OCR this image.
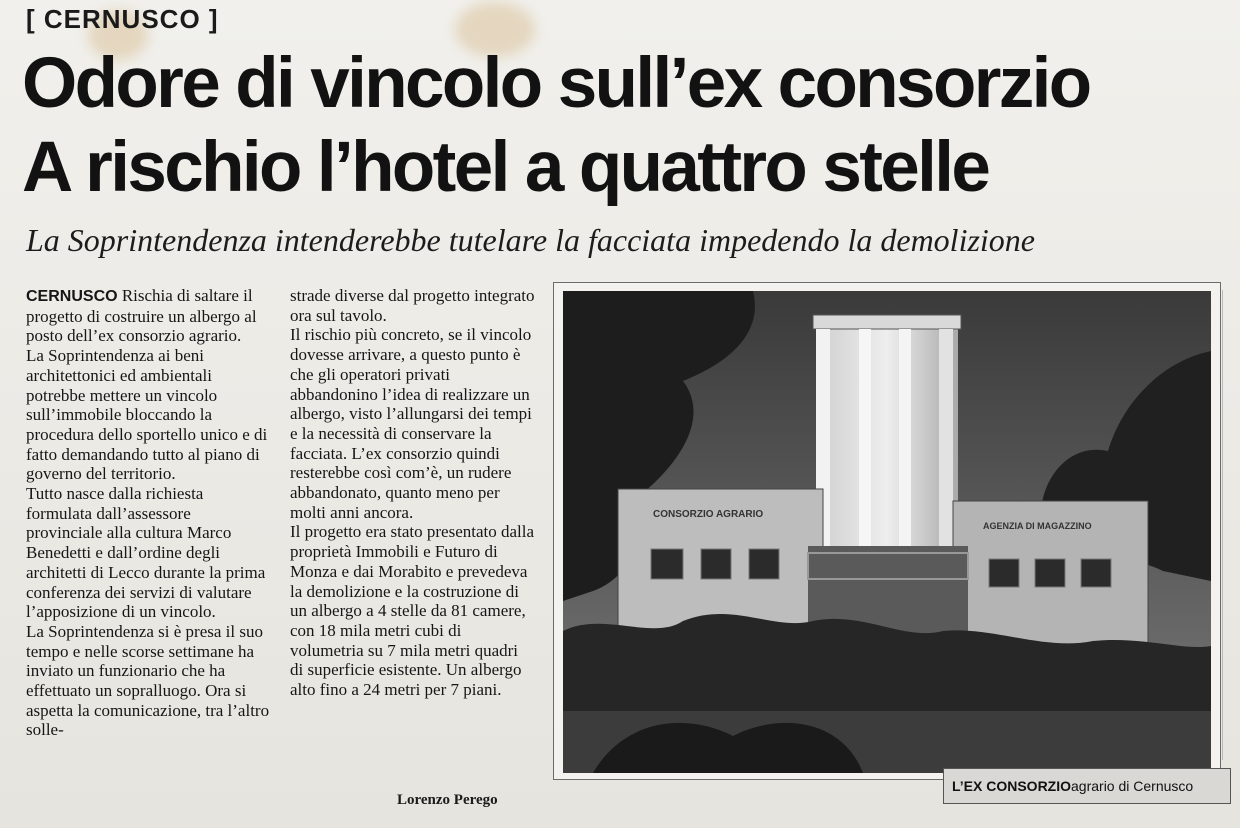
[ CERNUSCO ]
Odore di vincolo sull’ex consorzio
A rischio l’hotel a quattro stelle
La Soprintendenza intenderebbe tutelare la facciata impedendo la demolizione

CERNUSCO Rischia di saltare il progetto di costruire un albergo al posto dell’ex consorzio agrario.

La Soprintendenza ai beni architettonici ed ambientali potrebbe mettere un vincolo sull’immobile bloccando la procedura dello sportello unico e di fatto demandando tutto al piano di governo del territorio.

Tutto nasce dalla richiesta formulata dall’assessore provinciale alla cultura Marco Benedetti e dall’ordine degli architetti di Lecco durante la prima conferenza dei servizi di valutare l’apposizione di un vincolo.

La Soprintendenza si è presa il suo tempo e nelle scorse settimane ha inviato un funzionario che ha effettuato un sopralluogo. Ora si aspetta la comunicazione, tra l’altro solle-

strade diverse dal progetto integrato ora sul tavolo.

Il rischio più concreto, se il vincolo dovesse arrivare, a questo punto è che gli operatori privati abbandonino l’idea di realizzare un albergo, visto l’allungarsi dei tempi e la necessità di conservare la facciata. L’ex consorzio quindi resterebbe così com’è, un rudere abbandonato, quanto meno per molti anni ancora.

Il progetto era stato presentato dalla proprietà Immobili e Futuro di Monza e dai Morabito e prevedeva la demolizione e la costruzione di un albergo a 4 stelle da 81 camere, con 18 mila metri cubi di volumetria su 7 mila metri quadri di superficie esistente. Un albergo alto fino a 24 metri per 7 piani.

Lorenzo Perego
CONSORZIO AGRARIO
AGENZIA DI MAGAZZINO
L’EX CONSORZIO agrario di Cernusco
